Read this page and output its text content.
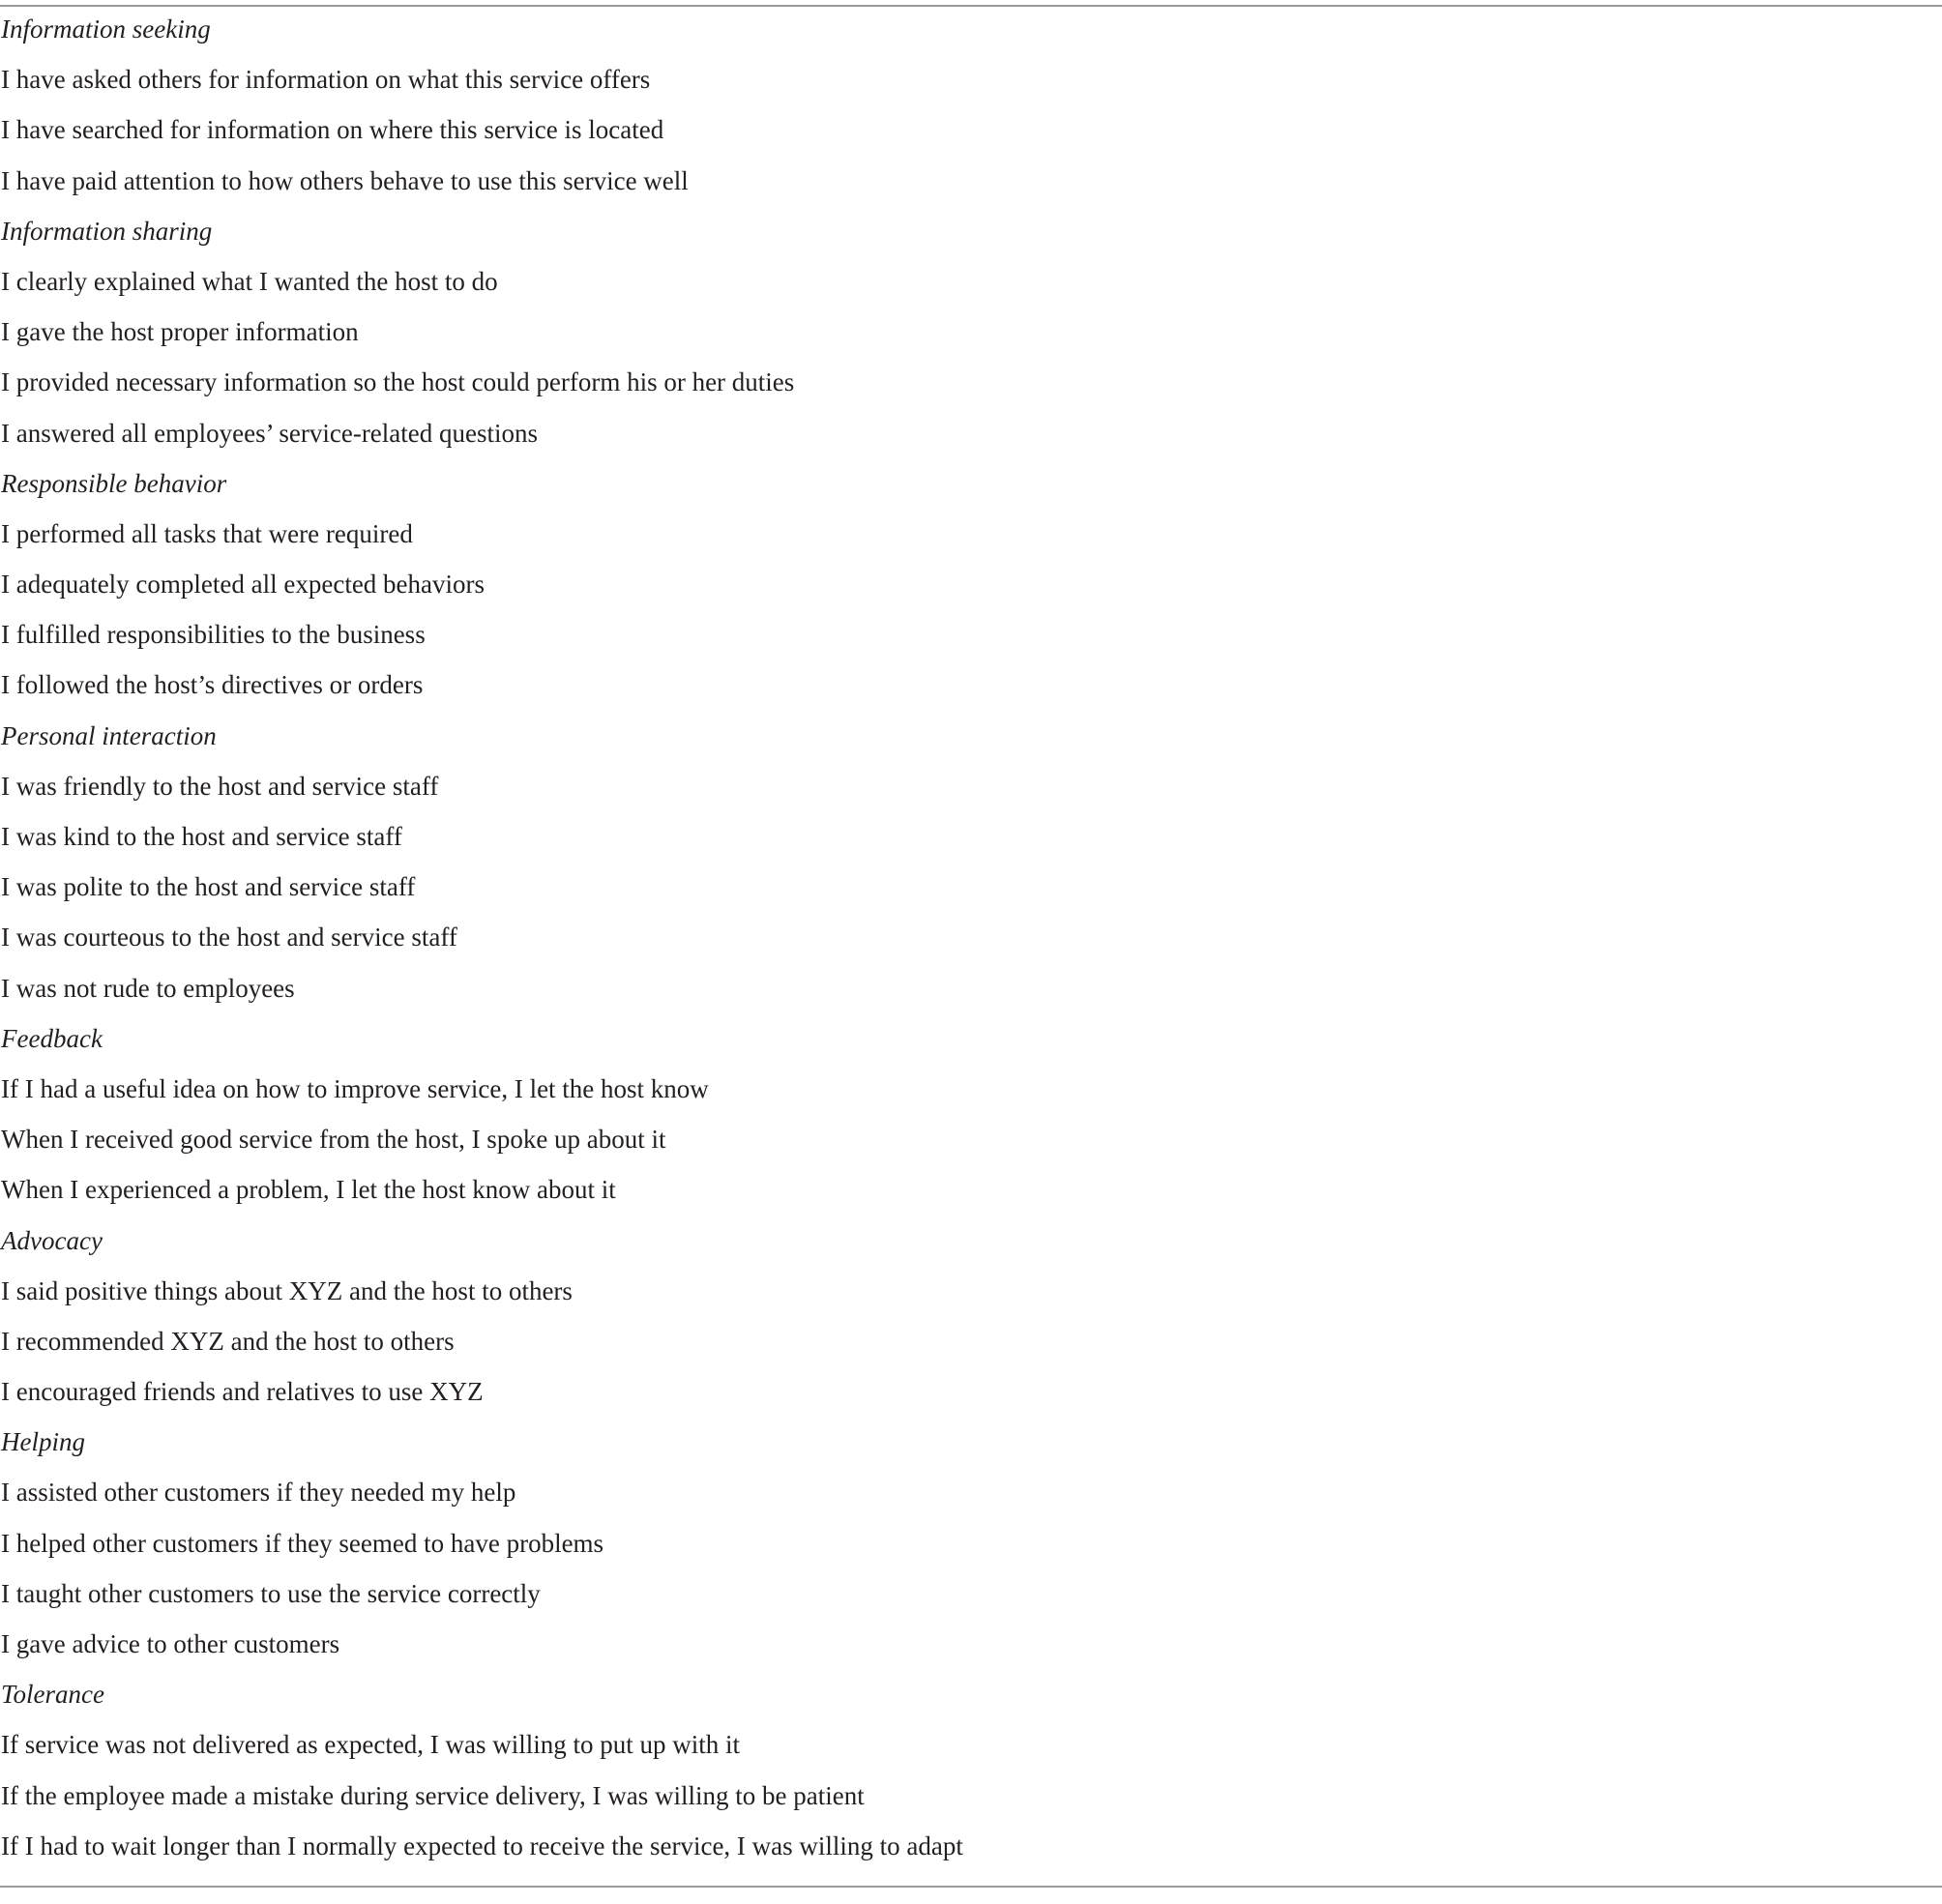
Information seeking
I have asked others for information on what this service offers
I have searched for information on where this service is located
I have paid attention to how others behave to use this service well
Information sharing
I clearly explained what I wanted the host to do
I gave the host proper information
I provided necessary information so the host could perform his or her duties
I answered all employees’ service-related questions
Responsible behavior
I performed all tasks that were required
I adequately completed all expected behaviors
I fulfilled responsibilities to the business
I followed the host’s directives or orders
Personal interaction
I was friendly to the host and service staff
I was kind to the host and service staff
I was polite to the host and service staff
I was courteous to the host and service staff
I was not rude to employees
Feedback
If I had a useful idea on how to improve service, I let the host know
When I received good service from the host, I spoke up about it
When I experienced a problem, I let the host know about it
Advocacy
I said positive things about XYZ and the host to others
I recommended XYZ and the host to others
I encouraged friends and relatives to use XYZ
Helping
I assisted other customers if they needed my help
I helped other customers if they seemed to have problems
I taught other customers to use the service correctly
I gave advice to other customers
Tolerance
If service was not delivered as expected, I was willing to put up with it
If the employee made a mistake during service delivery, I was willing to be patient
If I had to wait longer than I normally expected to receive the service, I was willing to adapt
